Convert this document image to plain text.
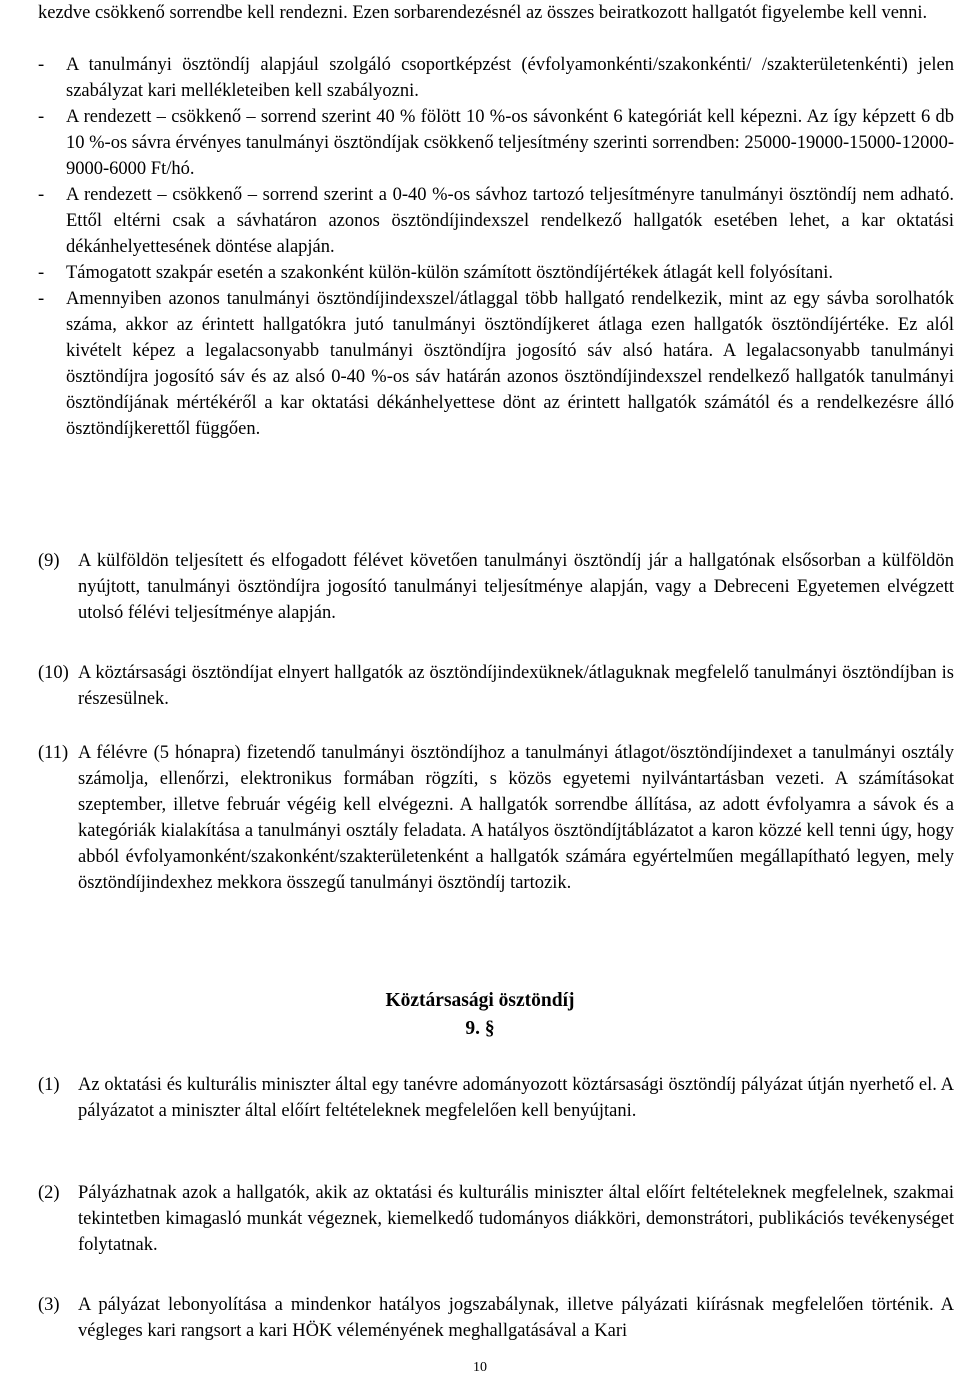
kezdve csökkenő sorrendbe kell rendezni. Ezen sorbarendezésnél az összes beiratkozott hallgatót figyelembe kell venni.

- A tanulmányi ösztöndíj alapjául szolgáló csoportképzést (évfolyamonkénti/szakonkénti/ /szakterületenkénti) jelen szabályzat kari mellékleteiben kell szabályozni.

- A rendezett – csökkenő – sorrend szerint 40 % fölött 10 %-os sávonként 6 kategóriát kell képezni. Az így képzett 6 db 10 %-os sávra érvényes tanulmányi ösztöndíjak csökkenő teljesítmény szerinti sorrendben: 25000-19000-15000-12000-9000-6000 Ft/hó.

- A rendezett – csökkenő – sorrend szerint a 0-40 %-os sávhoz tartozó teljesítményre tanulmányi ösztöndíj nem adható. Ettől eltérni csak a sávhatáron azonos ösztöndíjindexszel rendelkező hallgatók esetében lehet, a kar oktatási dékánhelyettesének döntése alapján.

- Támogatott szakpár esetén a szakonként külön-külön számított ösztöndíjértékek átlagát kell folyósítani.

- Amennyiben azonos tanulmányi ösztöndíjindexszel/átlaggal több hallgató rendelkezik, mint az egy sávba sorolhatók száma, akkor az érintett hallgatókra jutó tanulmányi ösztöndíjkeret átlaga ezen hallgatók ösztöndíjértéke. Ez alól kivételt képez a legalacsonyabb tanulmányi ösztöndíjra jogosító sáv alsó határa. A legalacsonyabb tanulmányi ösztöndíjra jogosító sáv és az alsó 0-40 %-os sáv határán azonos ösztöndíjindexszel rendelkező hallgatók tanulmányi ösztöndíjának mértékéről a kar oktatási dékánhelyettese dönt az érintett hallgatók számától és a rendelkezésre álló ösztöndíjkerettől függően.

(9) A külföldön teljesített és elfogadott félévet követően tanulmányi ösztöndíj jár a hallgatónak elsősorban a külföldön nyújtott, tanulmányi ösztöndíjra jogosító tanulmányi teljesítménye alapján, vagy a Debreceni Egyetemen elvégzett utolsó félévi teljesítménye alapján.

(10) A köztársasági ösztöndíjat elnyert hallgatók az ösztöndíjindexüknek/átlaguknak megfelelő tanulmányi ösztöndíjban is részesülnek.

(11) A félévre (5 hónapra) fizetendő tanulmányi ösztöndíjhoz a tanulmányi átlagot/ösztöndíjindexet a tanulmányi osztály számolja, ellenőrzi, elektronikus formában rögzíti, s közös egyetemi nyilvántartásban vezeti. A számításokat szeptember, illetve február végéig kell elvégezni. A hallgatók sorrendbe állítása, az adott évfolyamra a sávok és a kategóriák kialakítása a tanulmányi osztály feladata. A hatályos ösztöndíjtáblázatot a karon közzé kell tenni úgy, hogy abból évfolyamonként/szakonként/szakterületenként a hallgatók számára egyértelműen megállapítható legyen, mely ösztöndíjindexhez mekkora összegű tanulmányi ösztöndíj tartozik.

Köztársasági ösztöndíj
9. §
(1) Az oktatási és kulturális miniszter által egy tanévre adományozott köztársasági ösztöndíj pályázat útján nyerhető el. A pályázatot a miniszter által előírt feltételeknek megfelelően kell benyújtani.

(2) Pályázhatnak azok a hallgatók, akik az oktatási és kulturális miniszter által előírt feltételeknek megfelelnek, szakmai tekintetben kimagasló munkát végeznek, kiemelkedő tudományos diákköri, demonstrátori, publikációs tevékenységet folytatnak.

(3) A pályázat lebonyolítása a mindenkor hatályos jogszabálynak, illetve pályázati kiírásnak megfelelően történik. A végleges kari rangsort a kari HÖK véleményének meghallgatásával a Kari

10
